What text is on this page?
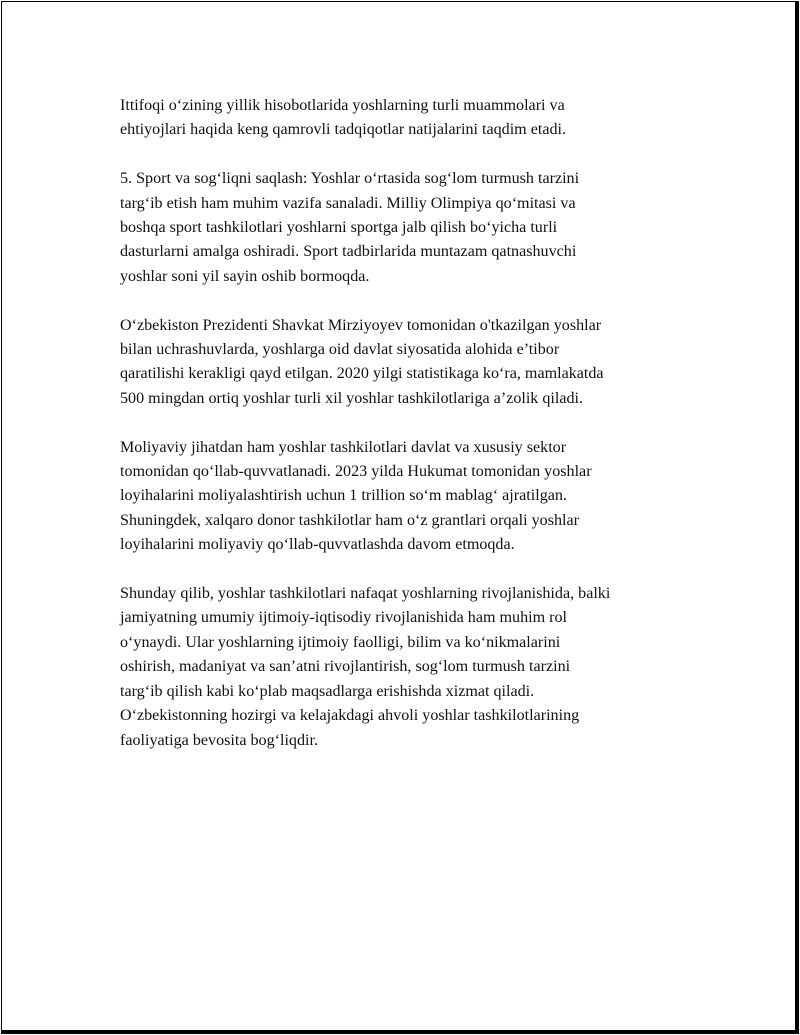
Ittifoqi o‘zining yillik hisobotlarida yoshlarning turli muammolari va
ehtiyojlari haqida keng qamrovli tadqiqotlar natijalarini taqdim etadi.

5. Sport va sog‘liqni saqlash: Yoshlar o‘rtasida sog‘lom turmush tarzini
targ‘ib etish ham muhim vazifa sanaladi. Milliy Olimpiya qo‘mitasi va
boshqa sport tashkilotlari yoshlarni sportga jalb qilish bo‘yicha turli
dasturlarni amalga oshiradi. Sport tadbirlarida muntazam qatnashuvchi
yoshlar soni yil sayin oshib bormoqda.

O‘zbekiston Prezidenti Shavkat Mirziyoyev tomonidan o'tkazilgan yoshlar
bilan uchrashuvlarda, yoshlarga oid davlat siyosatida alohida e’tibor
qaratilishi kerakligi qayd etilgan. 2020 yilgi statistikaga ko‘ra, mamlakatda
500 mingdan ortiq yoshlar turli xil yoshlar tashkilotlariga a’zolik qiladi.

Moliyaviy jihatdan ham yoshlar tashkilotlari davlat va xususiy sektor
tomonidan qo‘llab-quvvatlanadi. 2023 yilda Hukumat tomonidan yoshlar
loyihalarini moliyalashtirish uchun 1 trillion so‘m mablag‘ ajratilgan.
Shuningdek, xalqaro donor tashkilotlar ham o‘z grantlari orqali yoshlar
loyihalarini moliyaviy qo‘llab-quvvatlashda davom etmoqda.

Shunday qilib, yoshlar tashkilotlari nafaqat yoshlarning rivojlanishida, balki
jamiyatning umumiy ijtimoiy-iqtisodiy rivojlanishida ham muhim rol
o‘ynaydi. Ular yoshlarning ijtimoiy faolligi, bilim va ko‘nikmalarini
oshirish, madaniyat va san’atni rivojlantirish, sog‘lom turmush tarzini
targ‘ib qilish kabi ko‘plab maqsadlarga erishishda xizmat qiladi.
O‘zbekistonning hozirgi va kelajakdagi ahvoli yoshlar tashkilotlarining
faoliyatiga bevosita bog‘liqdir.
